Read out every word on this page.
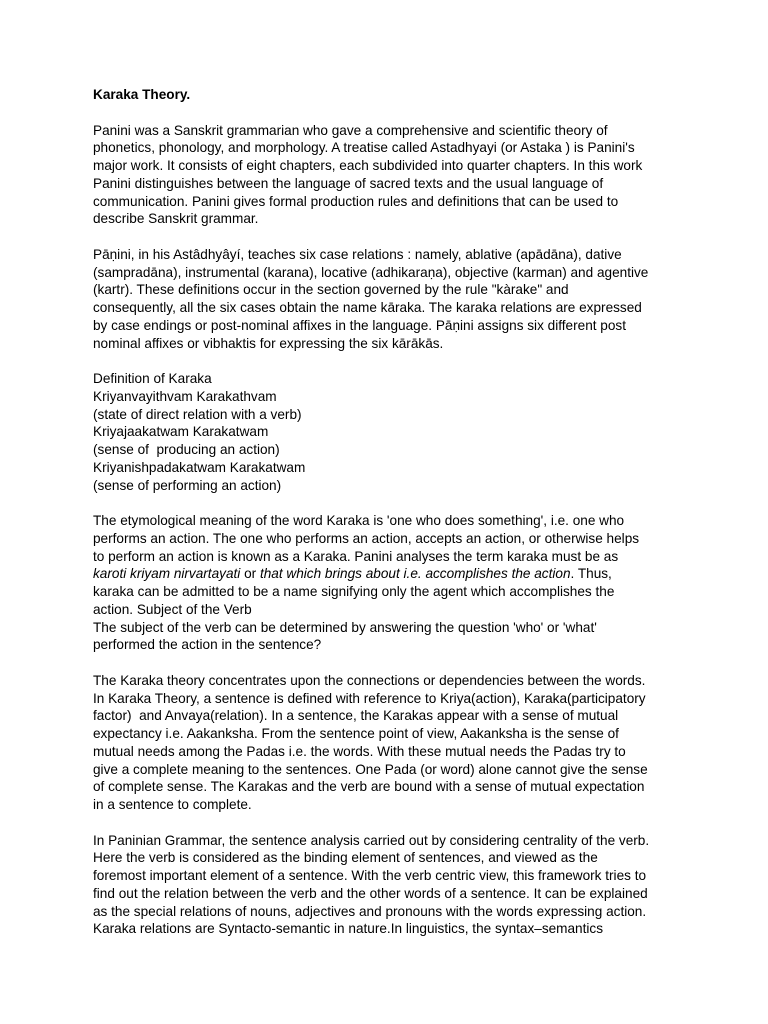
Karaka Theory.

Panini was a Sanskrit grammarian who gave a comprehensive and scientific theory of
phonetics, phonology, and morphology. A treatise called Astadhyayi (or Astaka ) is Panini's
major work. It consists of eight chapters, each subdivided into quarter chapters. In this work
Panini distinguishes between the language of sacred texts and the usual language of
communication. Panini gives formal production rules and definitions that can be used to
describe Sanskrit grammar.

Pāṇini, in his Astâdhyâyí, teaches six case relations : namely, ablative (apādāna), dative
(sampradāna), instrumental (karana), locative (adhikaraṇa), objective (karman) and agentive
(kartr). These definitions occur in the section governed by the rule "kàrake" and
consequently, all the six cases obtain the name kāraka. The karaka relations are expressed
by case endings or post-nominal affixes in the language. Pāṇini assigns six different post
nominal affixes or vibhaktis for expressing the six kārākās.

Definition of Karaka
Kriyanvayithvam Karakathvam
(state of direct relation with a verb)
Kriyajaakatwam Karakatwam
(sense of  producing an action)
Kriyanishpadakatwam Karakatwam
(sense of performing an action)

The etymological meaning of the word Karaka is 'one who does something', i.e. one who
performs an action. The one who performs an action, accepts an action, or otherwise helps
to perform an action is known as a Karaka. Panini analyses the term karaka must be as
karoti kriyam nirvartayati or that which brings about i.e. accomplishes the action. Thus,
karaka can be admitted to be a name signifying only the agent which accomplishes the
action. Subject of the Verb
The subject of the verb can be determined by answering the question 'who' or 'what'
performed the action in the sentence?

The Karaka theory concentrates upon the connections or dependencies between the words.
In Karaka Theory, a sentence is defined with reference to Kriya(action), Karaka(participatory
factor)  and Anvaya(relation). In a sentence, the Karakas appear with a sense of mutual
expectancy i.e. Aakanksha. From the sentence point of view, Aakanksha is the sense of
mutual needs among the Padas i.e. the words. With these mutual needs the Padas try to
give a complete meaning to the sentences. One Pada (or word) alone cannot give the sense
of complete sense. The Karakas and the verb are bound with a sense of mutual expectation
in a sentence to complete.

In Paninian Grammar, the sentence analysis carried out by considering centrality of the verb.
Here the verb is considered as the binding element of sentences, and viewed as the
foremost important element of a sentence. With the verb centric view, this framework tries to
find out the relation between the verb and the other words of a sentence. It can be explained
as the special relations of nouns, adjectives and pronouns with the words expressing action.
Karaka relations are Syntacto-semantic in nature.In linguistics, the syntax–semantics
